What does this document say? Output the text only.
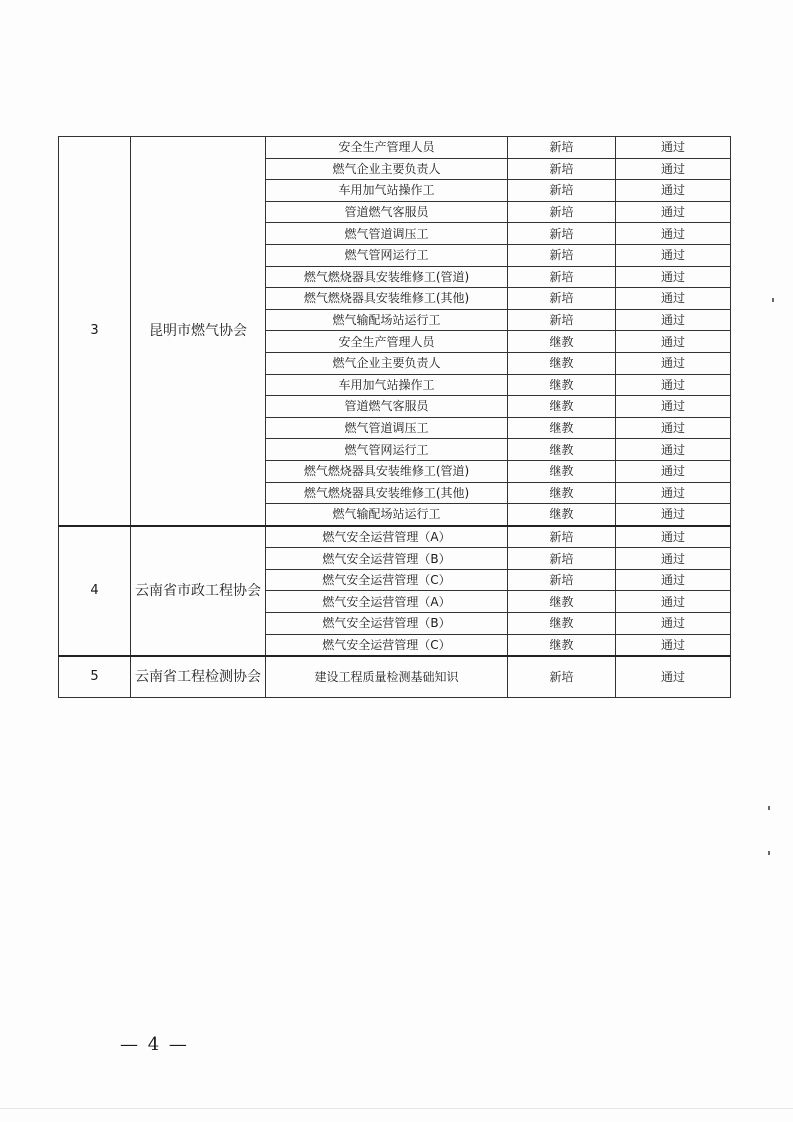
3	昆明市燃气协会	安全生产管理人员	新培	通过
		燃气企业主要负责人	新培	通过
		车用加气站操作工	新培	通过
		管道燃气客服员	新培	通过
		燃气管道调压工	新培	通过
		燃气管网运行工	新培	通过
		燃气燃烧器具安装维修工(管道)	新培	通过
		燃气燃烧器具安装维修工(其他)	新培	通过
		燃气输配场站运行工	新培	通过
		安全生产管理人员	继教	通过
		燃气企业主要负责人	继教	通过
		车用加气站操作工	继教	通过
		管道燃气客服员	继教	通过
		燃气管道调压工	继教	通过
		燃气管网运行工	继教	通过
		燃气燃烧器具安装维修工(管道)	继教	通过
		燃气燃烧器具安装维修工(其他)	继教	通过
		燃气输配场站运行工	继教	通过
4	云南省市政工程协会	燃气安全运营管理（A）	新培	通过
		燃气安全运营管理（B）	新培	通过
		燃气安全运营管理（C）	新培	通过
		燃气安全运营管理（A）	继教	通过
		燃气安全运营管理（B）	继教	通过
		燃气安全运营管理（C）	继教	通过
5	云南省工程检测协会	建设工程质量检测基础知识	新培	通过
— 4 —
